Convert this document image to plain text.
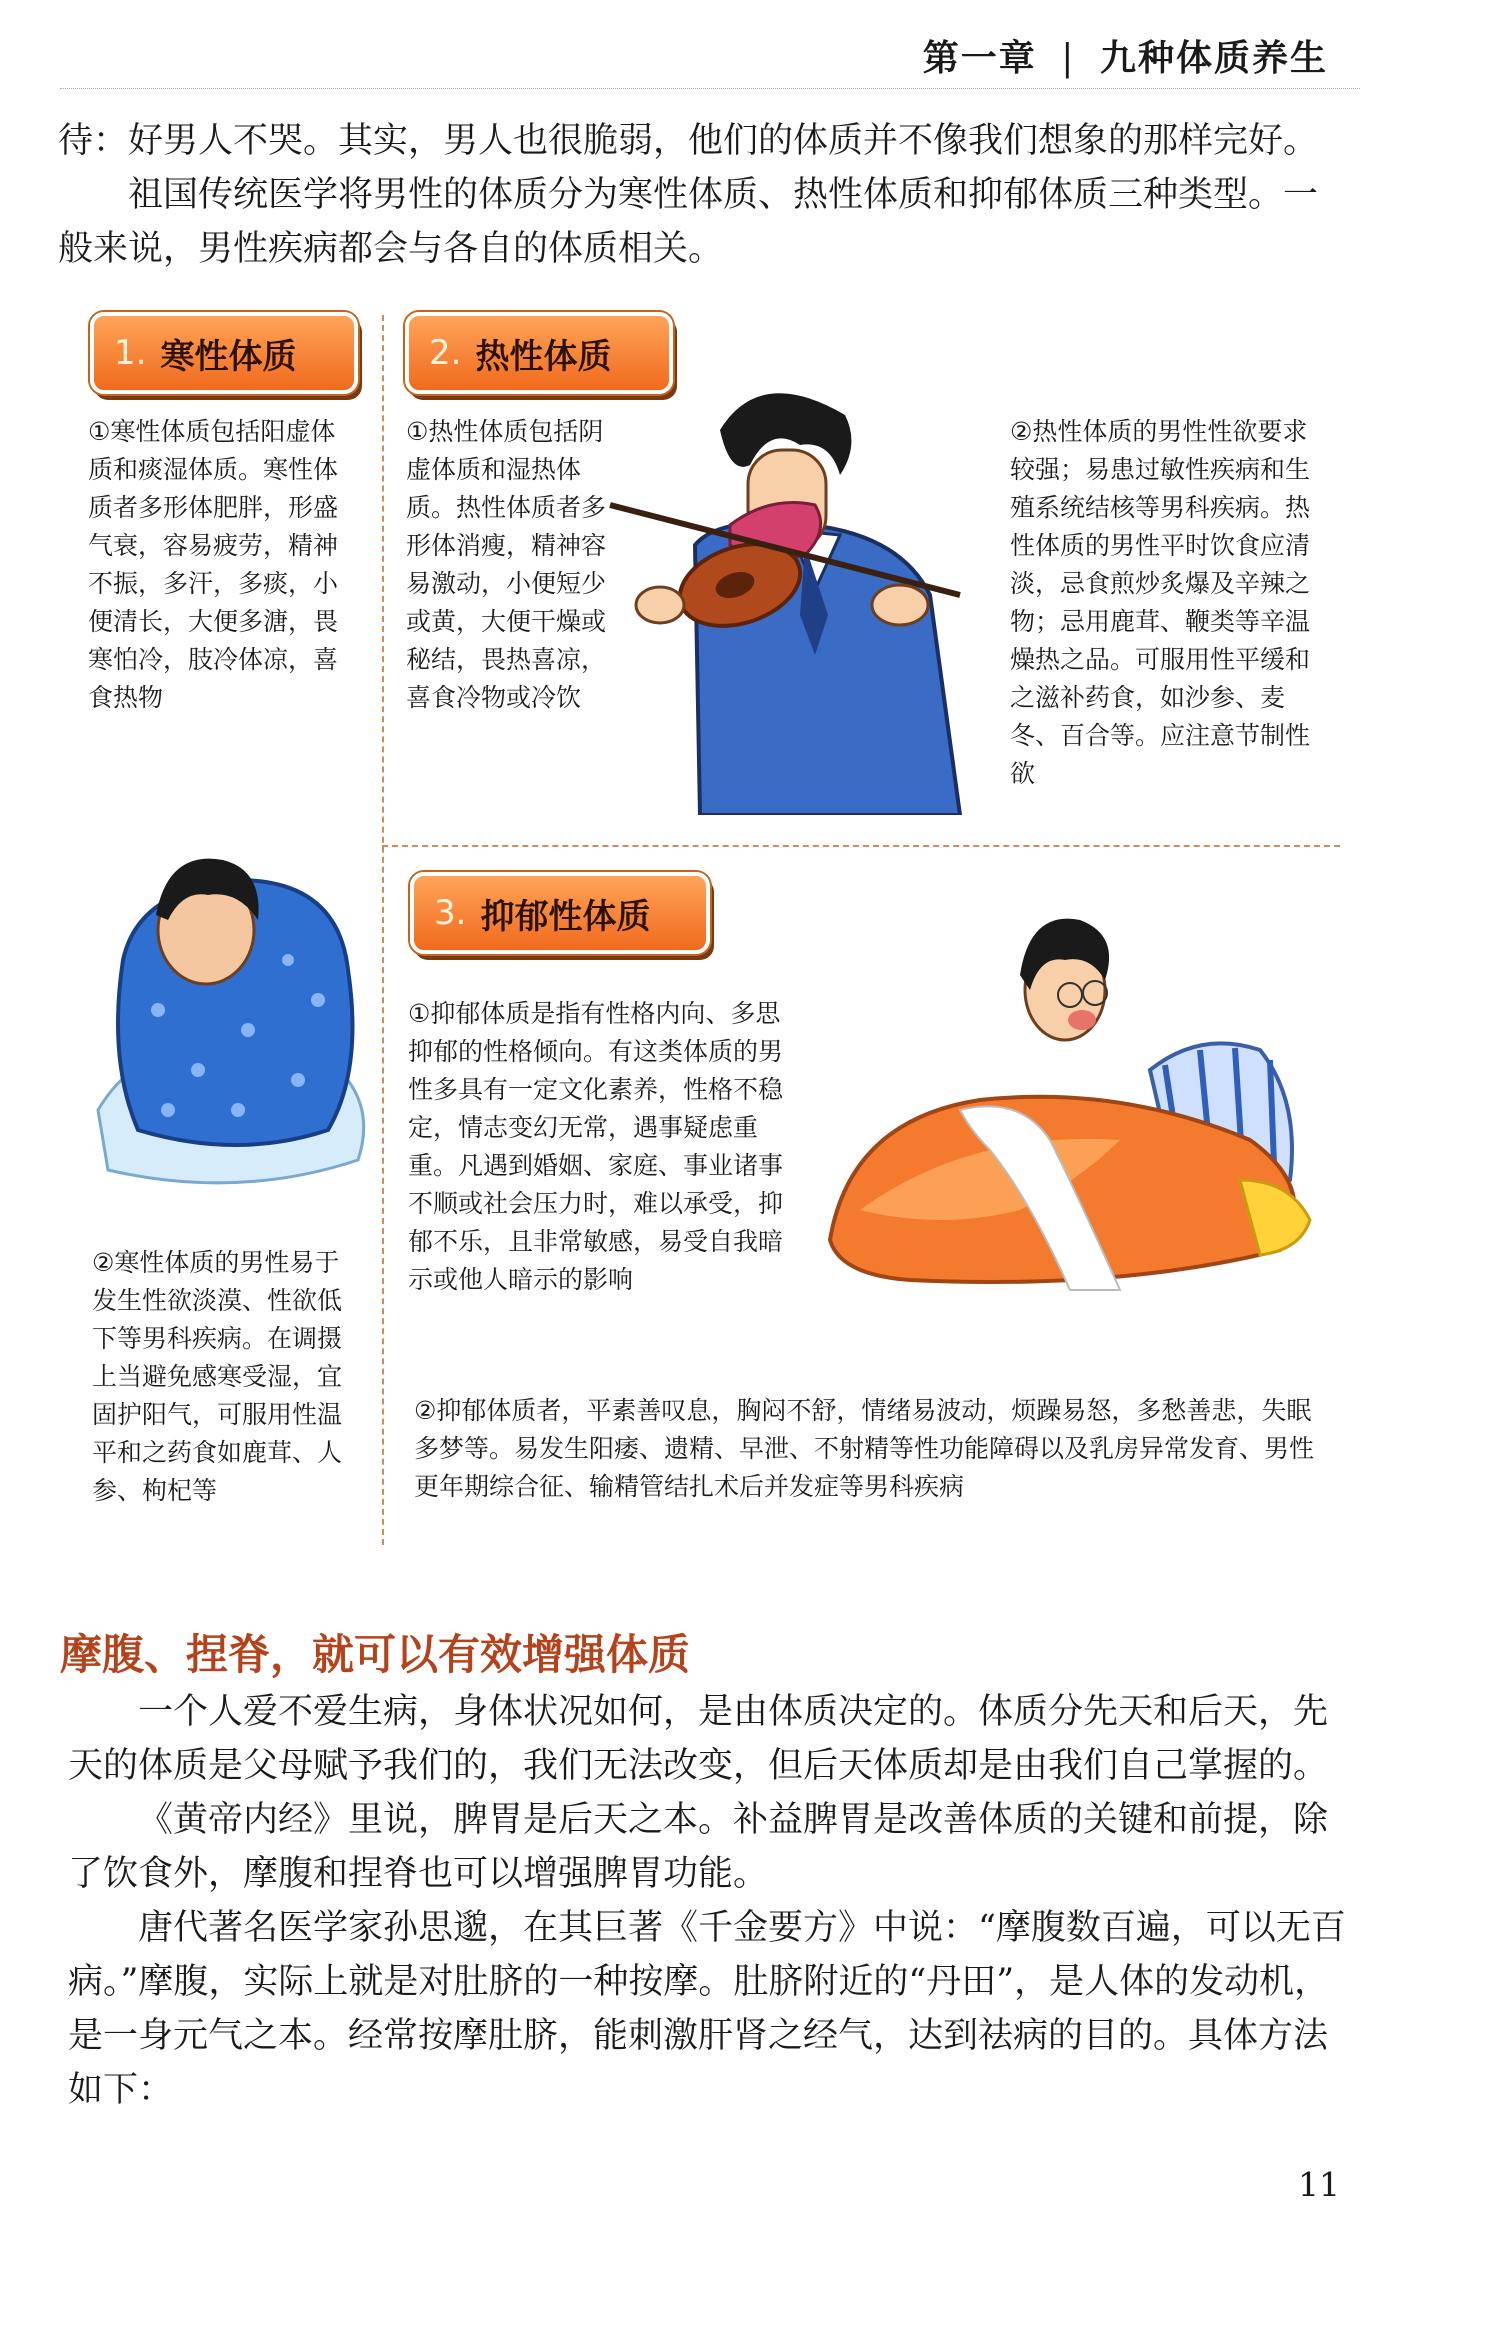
第一章 | 九种体质养生
待：好男人不哭。其实，男人也很脆弱，他们的体质并不像我们想象的那样完好。
祖国传统医学将男性的体质分为寒性体质、热性体质和抑郁体质三种类型。一般来说，男性疾病都会与各自的体质相关。
1. 寒性体质	2. 热性体质
3. 抑郁性体质
①寒性体质包括阳虚体质和痰湿体质。寒性体质者多形体肥胖，形盛气衰，容易疲劳，精神不振，多汗，多痰，小便清长，大便多溏，畏寒怕冷，肢冷体凉，喜食热物
②寒性体质的男性易于发生性欲淡漠、性欲低下等男科疾病。在调摄上当避免感寒受湿，宜固护阳气，可服用性温平和之药食如鹿茸、人参、枸杞等
①热性体质包括阴虚体质和湿热体质。热性体质者多形体消瘦，精神容易激动，小便短少或黄，大便干燥或秘结，畏热喜凉，喜食冷物或冷饮
②热性体质的男性性欲要求较强；易患过敏性疾病和生殖系统结核等男科疾病。热性体质的男性平时饮食应清淡，忌食煎炒炙爆及辛辣之物；忌用鹿茸、鞭类等辛温燥热之品。可服用性平缓和之滋补药食，如沙参、麦冬、百合等。应注意节制性欲
①抑郁体质是指有性格内向、多思抑郁的性格倾向。有这类体质的男性多具有一定文化素养，性格不稳定，情志变幻无常，遇事疑虑重重。凡遇到婚姻、家庭、事业诸事不顺或社会压力时，难以承受，抑郁不乐，且非常敏感，易受自我暗示或他人暗示的影响
②抑郁体质者，平素善叹息，胸闷不舒，情绪易波动，烦躁易怒，多愁善悲，失眠多梦等。易发生阳痿、遗精、早泄、不射精等性功能障碍以及乳房异常发育、男性更年期综合征、输精管结扎术后并发症等男科疾病
摩腹、捏脊，就可以有效增强体质
一个人爱不爱生病，身体状况如何，是由体质决定的。体质分先天和后天，先天的体质是父母赋予我们的，我们无法改变，但后天体质却是由我们自己掌握的。
《黄帝内经》里说，脾胃是后天之本。补益脾胃是改善体质的关键和前提，除了饮食外，摩腹和捏脊也可以增强脾胃功能。
唐代著名医学家孙思邈，在其巨著《千金要方》中说：“摩腹数百遍，可以无百病。”摩腹，实际上就是对肚脐的一种按摩。肚脐附近的“丹田”，是人体的发动机，是一身元气之本。经常按摩肚脐，能刺激肝肾之经气，达到祛病的目的。具体方法如下：
11
